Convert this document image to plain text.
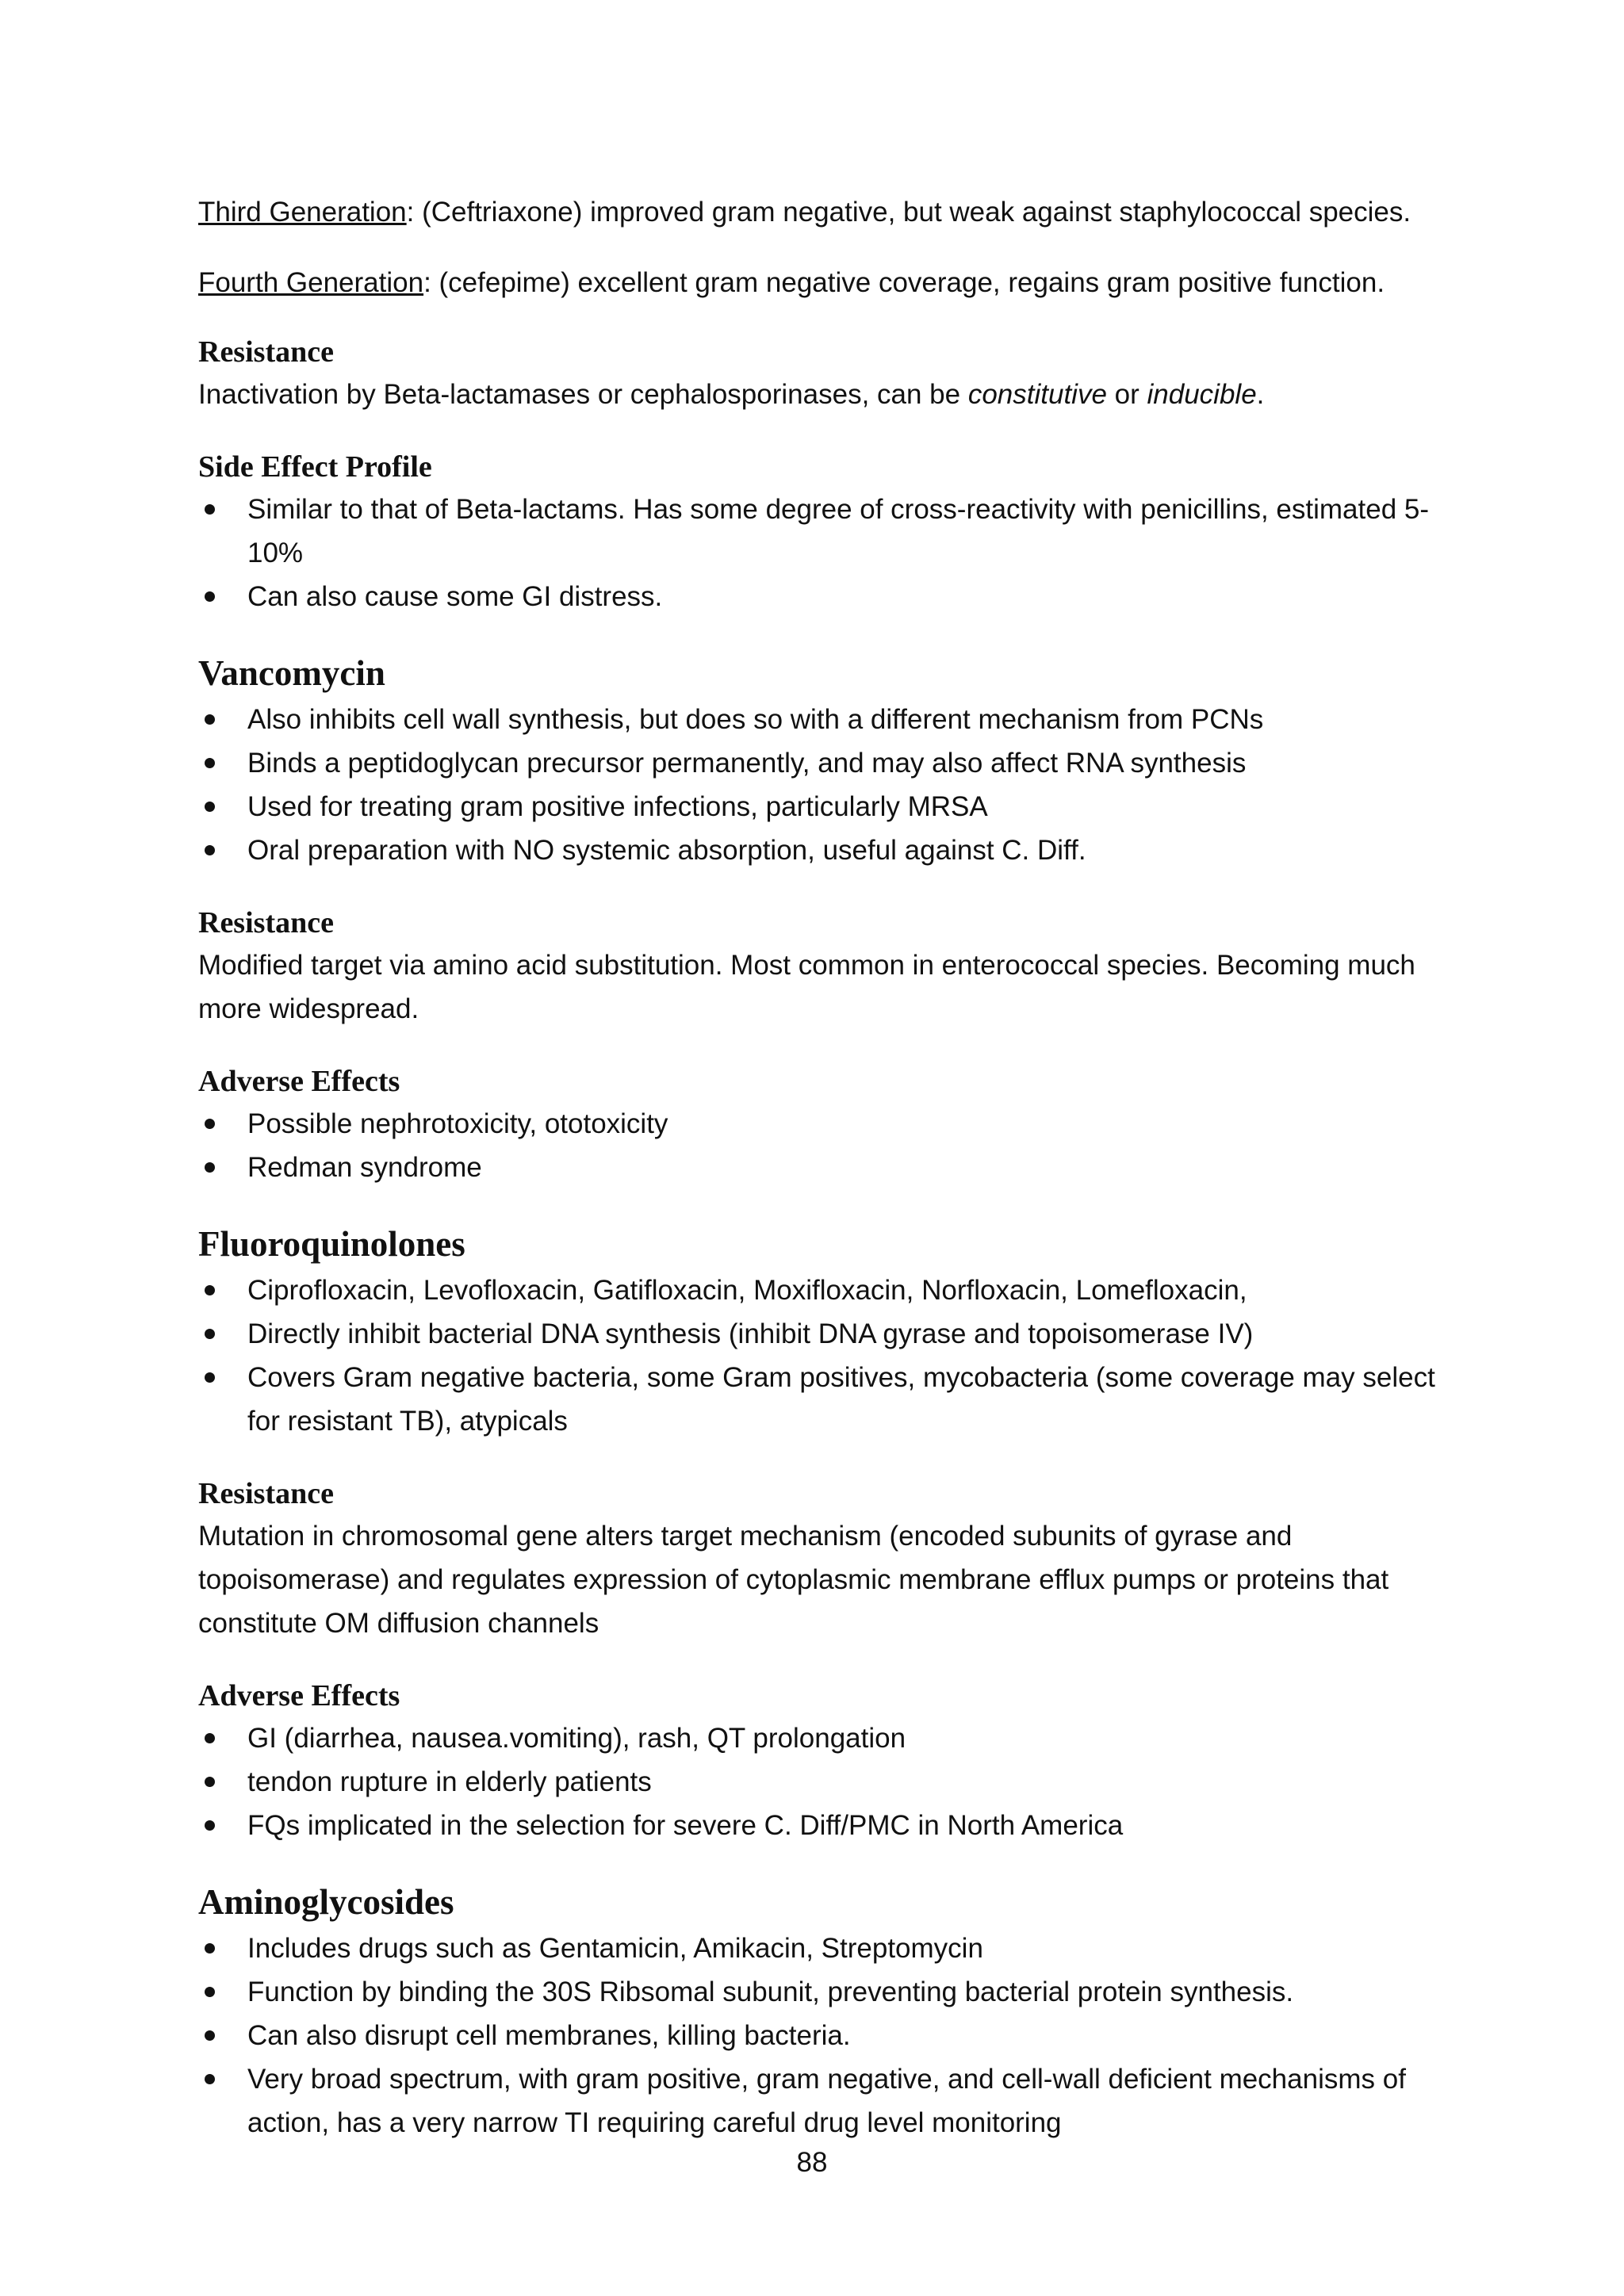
Third Generation: (Ceftriaxone) improved gram negative, but weak against staphylococcal species.

Fourth Generation: (cefepime) excellent gram negative coverage, regains gram positive function.

Resistance

Inactivation by Beta-lactamases or cephalosporinases, can be constitutive or inducible.

Side Effect Profile
Similar to that of Beta-lactams. Has some degree of cross-reactivity with penicillins, estimated 5-10%
Can also cause some GI distress.
Vancomycin
Also inhibits cell wall synthesis, but does so with a different mechanism from PCNs
Binds a peptidoglycan precursor permanently, and may also affect RNA synthesis
Used for treating gram positive infections, particularly MRSA
Oral preparation with NO systemic absorption, useful against C. Diff.
Resistance

Modified target via amino acid substitution. Most common in enterococcal species. Becoming much more widespread.

Adverse Effects
Possible nephrotoxicity, ototoxicity
Redman syndrome
Fluoroquinolones
Ciprofloxacin, Levofloxacin, Gatifloxacin, Moxifloxacin, Norfloxacin, Lomefloxacin,
Directly inhibit bacterial DNA synthesis (inhibit DNA gyrase and topoisomerase IV)
Covers Gram negative bacteria, some Gram positives, mycobacteria (some coverage may select for resistant TB), atypicals
Resistance

Mutation in chromosomal gene alters target mechanism (encoded subunits of gyrase and topoisomerase) and regulates expression of cytoplasmic membrane efflux pumps or proteins that constitute OM diffusion channels

Adverse Effects
GI (diarrhea, nausea.vomiting), rash, QT prolongation
tendon rupture in elderly patients
FQs implicated in the selection for severe C. Diff/PMC in North America
Aminoglycosides
Includes drugs such as Gentamicin, Amikacin, Streptomycin
Function by binding the 30S Ribsomal subunit, preventing bacterial protein synthesis.
Can also disrupt cell membranes, killing bacteria.
Very broad spectrum, with gram positive, gram negative, and cell-wall deficient mechanisms of action, has a very narrow TI requiring careful drug level monitoring
88
